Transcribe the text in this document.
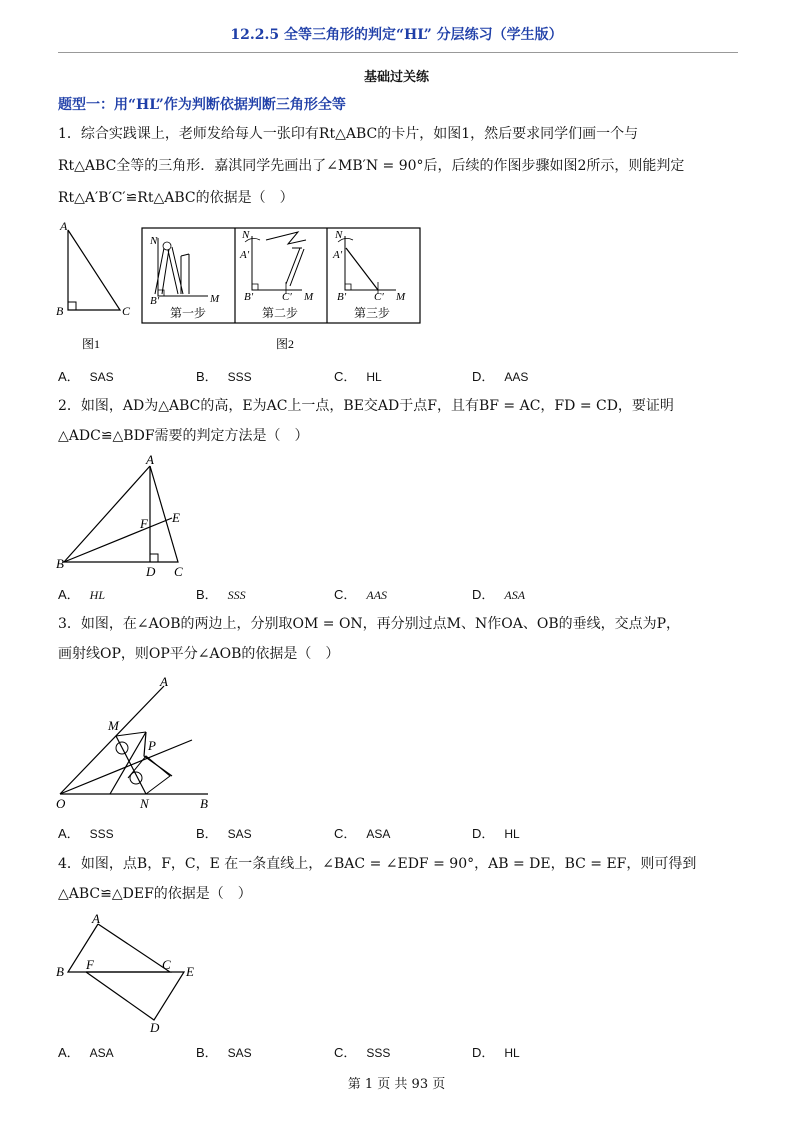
12.2.5 全等三角形的判定“HL” 分层练习（学生版）
基础过关练
题型一：用“HL”作为判断依据判断三角形全等
1．综合实践课上，老师发给每人一张印有Rt△ABC的卡片，如图1，然后要求同学们画一个与
Rt△ABC全等的三角形．嘉淇同学先画出了∠MB′N = 90°后，后续的作图步骤如图2所示，则能判定
Rt△A′B′C′≌Rt△ABC的依据是（　）
A
B	C
图1
N
B′	M
第一步
N
A′
B′	C′ M
第二步
N
A′
B′	C′ M
第三步
图2
A． SAS	B． SSS	C． HL	D． AAS
2．如图，AD为△ABC的高，E为AC上一点，BE交AD于点F，且有BF = AC，FD = CD，要证明
△ADC≌△BDF需要的判定方法是（　）
A
B
D C
E
F
A． HL	B． SSS	C． AAS	D． ASA
3．如图，在∠AOB的两边上，分别取OM = ON，再分别过点M、N作OA、OB的垂线，交点为P，
画射线OP，则OP平分∠AOB的依据是（　）
A
M
P
O	N	B
A． SSS	B． SAS	C． ASA	D． HL
4．如图，点B，F，C，E 在一条直线上，∠BAC = ∠EDF = 90°，AB = DE，BC = EF，则可得到
△ABC≌△DEF的依据是（　）
A
B F	C E
D
A． ASA	B． SAS	C． SSS	D． HL
第 1 页 共 93 页
